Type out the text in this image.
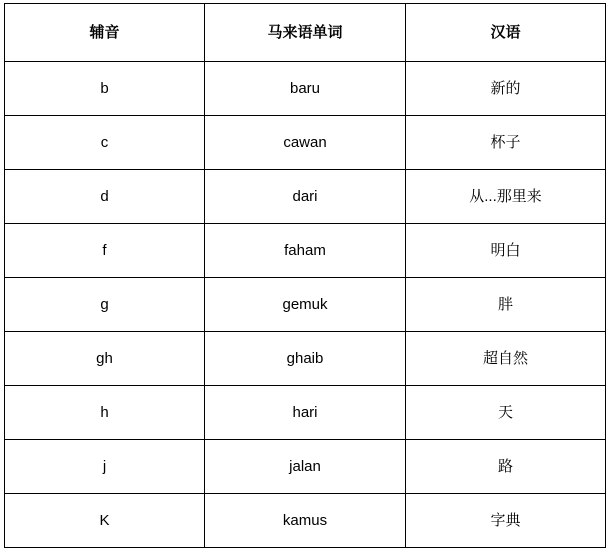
辅音	马来语单词	汉语

b	baru	新的

c	cawan	杯子

d	dari	从...那里来

f	faham	明白

g	gemuk	胖

gh	ghaib	超自然

h	hari	天

j	jalan	路

K	kamus	字典
